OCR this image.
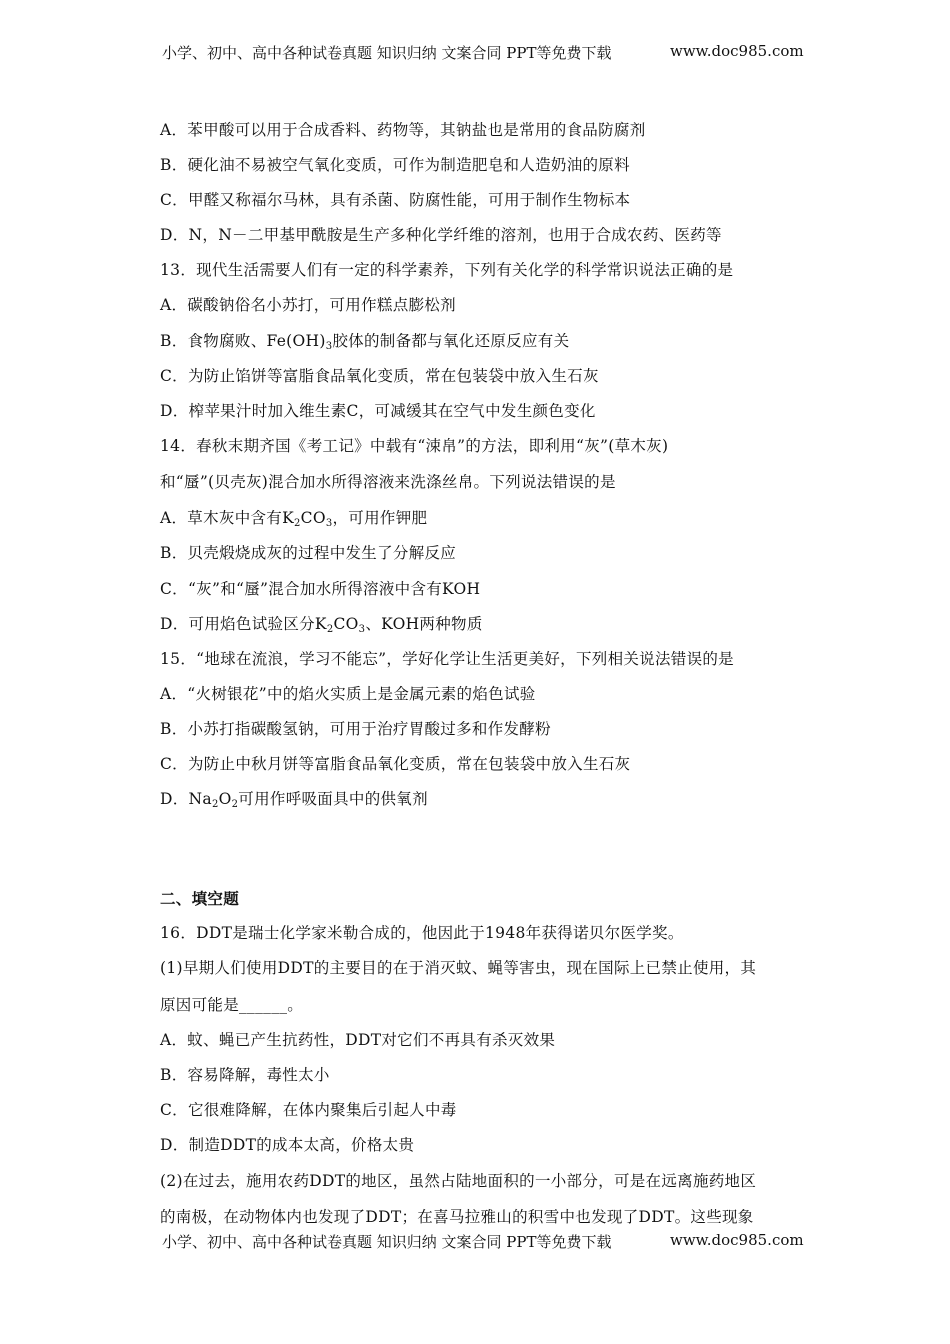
小学、初中、高中各种试卷真题 知识归纳 文案合同 PPT等免费下载	www.doc985.com
A．苯甲酸可以用于合成香料、药物等，其钠盐也是常用的食品防腐剂
B．硬化油不易被空气氧化变质，可作为制造肥皂和人造奶油的原料
C．甲醛又称福尔马林，具有杀菌、防腐性能，可用于制作生物标本
D．N，N－二甲基甲酰胺是生产多种化学纤维的溶剂，也用于合成农药、医药等
13．现代生活需要人们有一定的科学素养，下列有关化学的科学常识说法正确的是
A．碳酸钠俗名小苏打，可用作糕点膨松剂
B．食物腐败、$Fe(OH)_3$胶体的制备都与氧化还原反应有关
C．为防止馅饼等富脂食品氧化变质，常在包装袋中放入生石灰
D．榨苹果汁时加入维生素C，可减缓其在空气中发生颜色变化
14．春秋末期齐国《考工记》中载有“涑帛”的方法，即利用“灰”(草木灰)
和“蜃”(贝壳灰)混合加水所得溶液来洗涤丝帛。下列说法错误的是
A．草木灰中含有$K_2CO_3$，可用作钾肥
B．贝壳煅烧成灰的过程中发生了分解反应
C．“灰”和“蜃”混合加水所得溶液中含有KOH
D．可用焰色试验区分$K_2CO_3$、KOH两种物质
15．“地球在流浪，学习不能忘”，学好化学让生活更美好，下列相关说法错误的是
A．“火树银花”中的焰火实质上是金属元素的焰色试验
B．小苏打指碳酸氢钠，可用于治疗胃酸过多和作发酵粉
C．为防止中秋月饼等富脂食品氧化变质，常在包装袋中放入生石灰
D．$Na_2O_2$可用作呼吸面具中的供氧剂
二、填空题
16．DDT是瑞士化学家米勒合成的，他因此于1948年获得诺贝尔医学奖。
(1)早期人们使用DDT的主要目的在于消灭蚊、蝇等害虫，现在国际上已禁止使用，其
原因可能是______。
A．蚊、蝇已产生抗药性，DDT对它们不再具有杀灭效果
B．容易降解，毒性太小
C．它很难降解，在体内聚集后引起人中毒
D．制造DDT的成本太高，价格太贵
(2)在过去，施用农药DDT的地区，虽然占陆地面积的一小部分，可是在远离施药地区
的南极，在动物体内也发现了DDT；在喜马拉雅山的积雪中也发现了DDT。这些现象
小学、初中、高中各种试卷真题 知识归纳 文案合同 PPT等免费下载	www.doc985.com
